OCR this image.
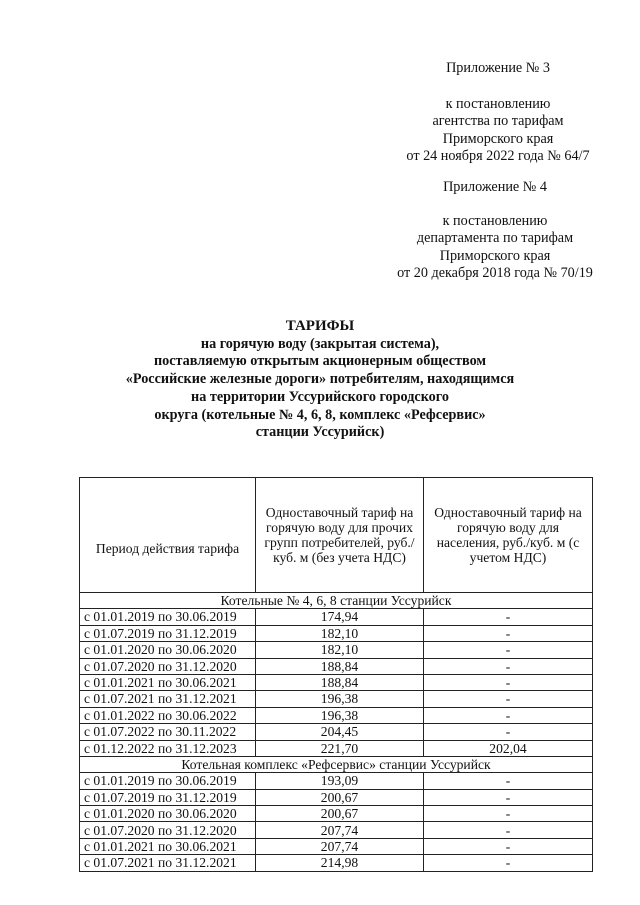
Приложение № 3
к постановлению
агентства по тарифам
Приморского края
от 24 ноября 2022 года № 64/7
Приложение № 4
к постановлению
департамента по тарифам
Приморского края
от 20 декабря 2018 года № 70/19
ТАРИФЫ
на горячую воду (закрытая система),
поставляемую открытым акционерным обществом
«Российские железные дороги» потребителям, находящимся
на территории Уссурийского городского
округа (котельные № 4, 6, 8, комплекс «Рефсервис»
станции Уссурийск)
Период действия тарифа	Одноставочный тариф на горячую воду для прочих групп потребителей, руб./куб. м (без учета НДС)	Одноставочный тариф на горячую воду для населения, руб./куб. м (с учетом НДС)
Котельные № 4, 6, 8 станции Уссурийск		
с 01.01.2019 по 30.06.2019	174,94	-
с 01.07.2019 по 31.12.2019	182,10	-
с 01.01.2020 по 30.06.2020	182,10	-
с 01.07.2020 по 31.12.2020	188,84	-
с 01.01.2021 по 30.06.2021	188,84	-
с 01.07.2021 по 31.12.2021	196,38	-
с 01.01.2022 по 30.06.2022	196,38	-
с 01.07.2022 по 30.11.2022	204,45	-
с 01.12.2022 по 31.12.2023	221,70	202,04
Котельная комплекс «Рефсервис» станции Уссурийск		
с 01.01.2019 по 30.06.2019	193,09	-
с 01.07.2019 по 31.12.2019	200,67	-
с 01.01.2020 по 30.06.2020	200,67	-
с 01.07.2020 по 31.12.2020	207,74	-
с 01.01.2021 по 30.06.2021	207,74	-
с 01.07.2021 по 31.12.2021	214,98	-
